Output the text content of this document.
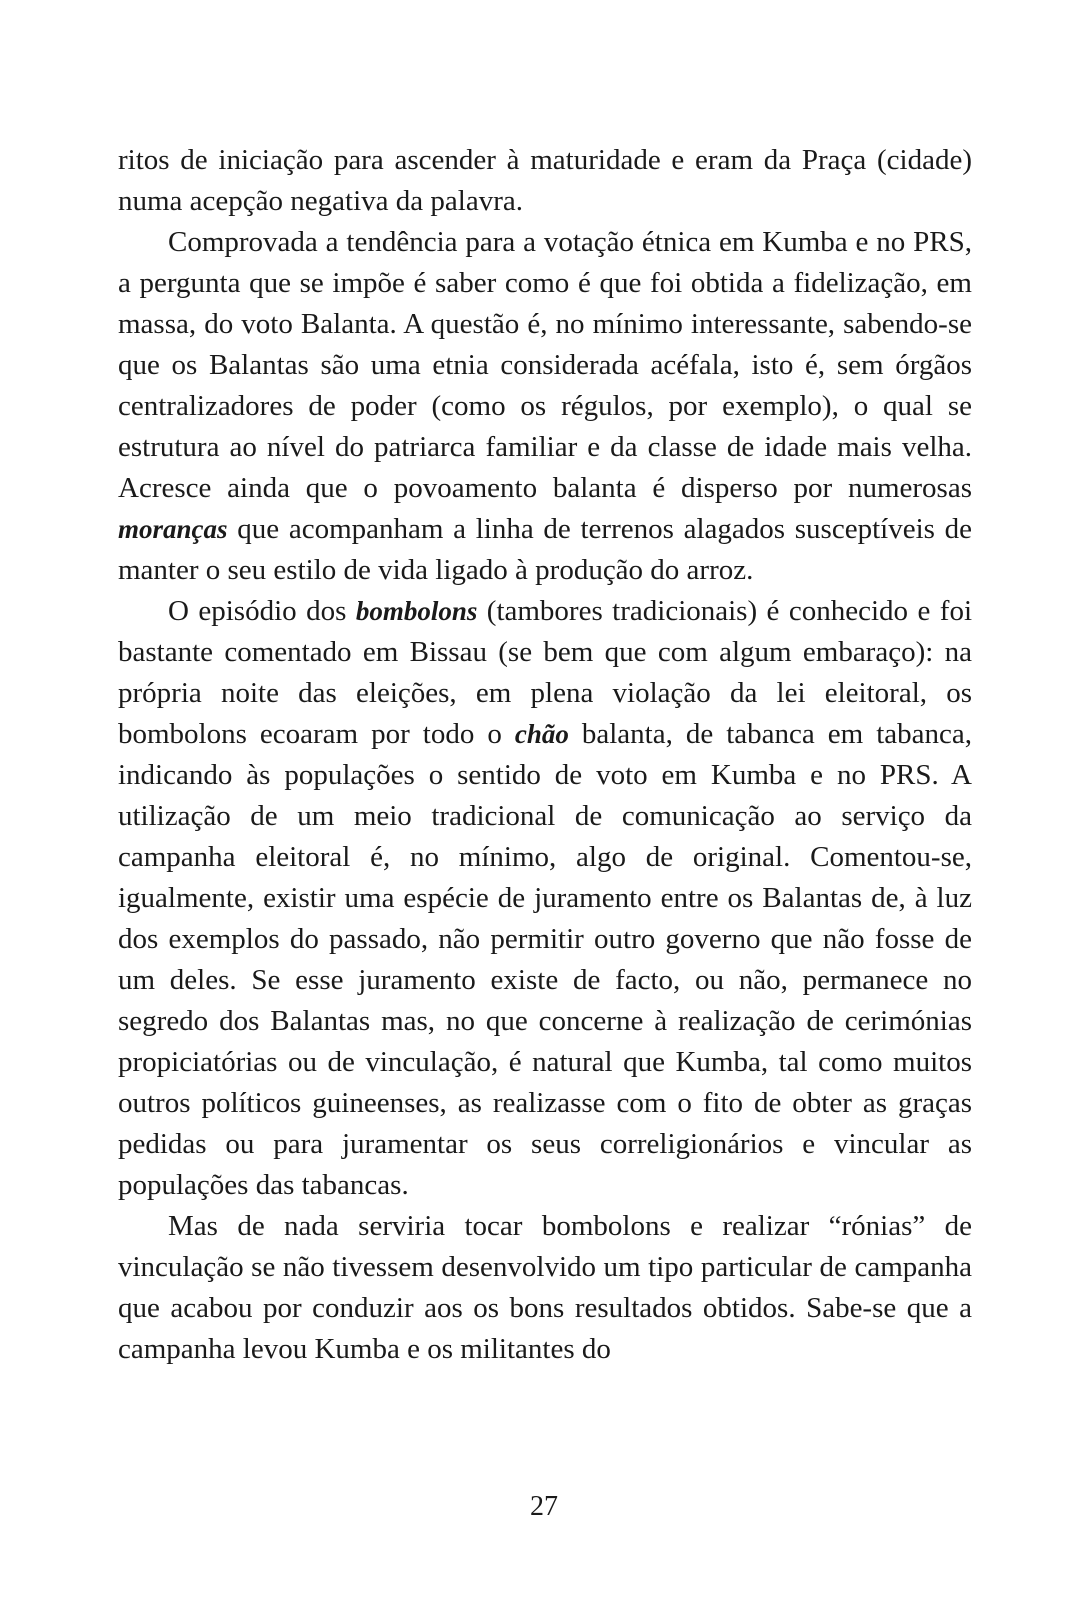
ritos de iniciação para ascender à maturidade e eram da Praça (cidade) numa acepção negativa da palavra.

Comprovada a tendência para a votação étnica em Kumba e no PRS, a pergunta que se impõe é saber como é que foi obtida a fidelização, em massa, do voto Balanta. A questão é, no mínimo interessante, sabendo-se que os Balantas são uma etnia considerada acéfala, isto é, sem órgãos centralizadores de poder (como os régulos, por exemplo), o qual se estrutura ao nível do patriarca familiar e da classe de idade mais velha. Acresce ainda que o povoamento balanta é disperso por numerosas moranças que acompanham a linha de terrenos alagados susceptíveis de manter o seu estilo de vida ligado à produção do arroz.

O episódio dos bombolons (tambores tradicionais) é conhecido e foi bastante comentado em Bissau (se bem que com algum embaraço): na própria noite das eleições, em plena violação da lei eleitoral, os bombolons ecoaram por todo o chão balanta, de tabanca em tabanca, indicando às populações o sentido de voto em Kumba e no PRS. A utilização de um meio tradicional de comunicação ao serviço da campanha eleitoral é, no mínimo, algo de original. Comentou-se, igualmente, existir uma espécie de juramento entre os Balantas de, à luz dos exemplos do passado, não permitir outro governo que não fosse de um deles. Se esse juramento existe de facto, ou não, permanece no segredo dos Balantas mas, no que concerne à realização de cerimónias propiciatórias ou de vinculação, é natural que Kumba, tal como muitos outros políticos guineenses, as realizasse com o fito de obter as graças pedidas ou para juramentar os seus correligionários e vincular as populações das tabancas.

Mas de nada serviria tocar bombolons e realizar “rónias” de vinculação se não tivessem desenvolvido um tipo particular de campanha que acabou por conduzir aos os bons resultados obtidos. Sabe-se que a campanha levou Kumba e os militantes do

27
